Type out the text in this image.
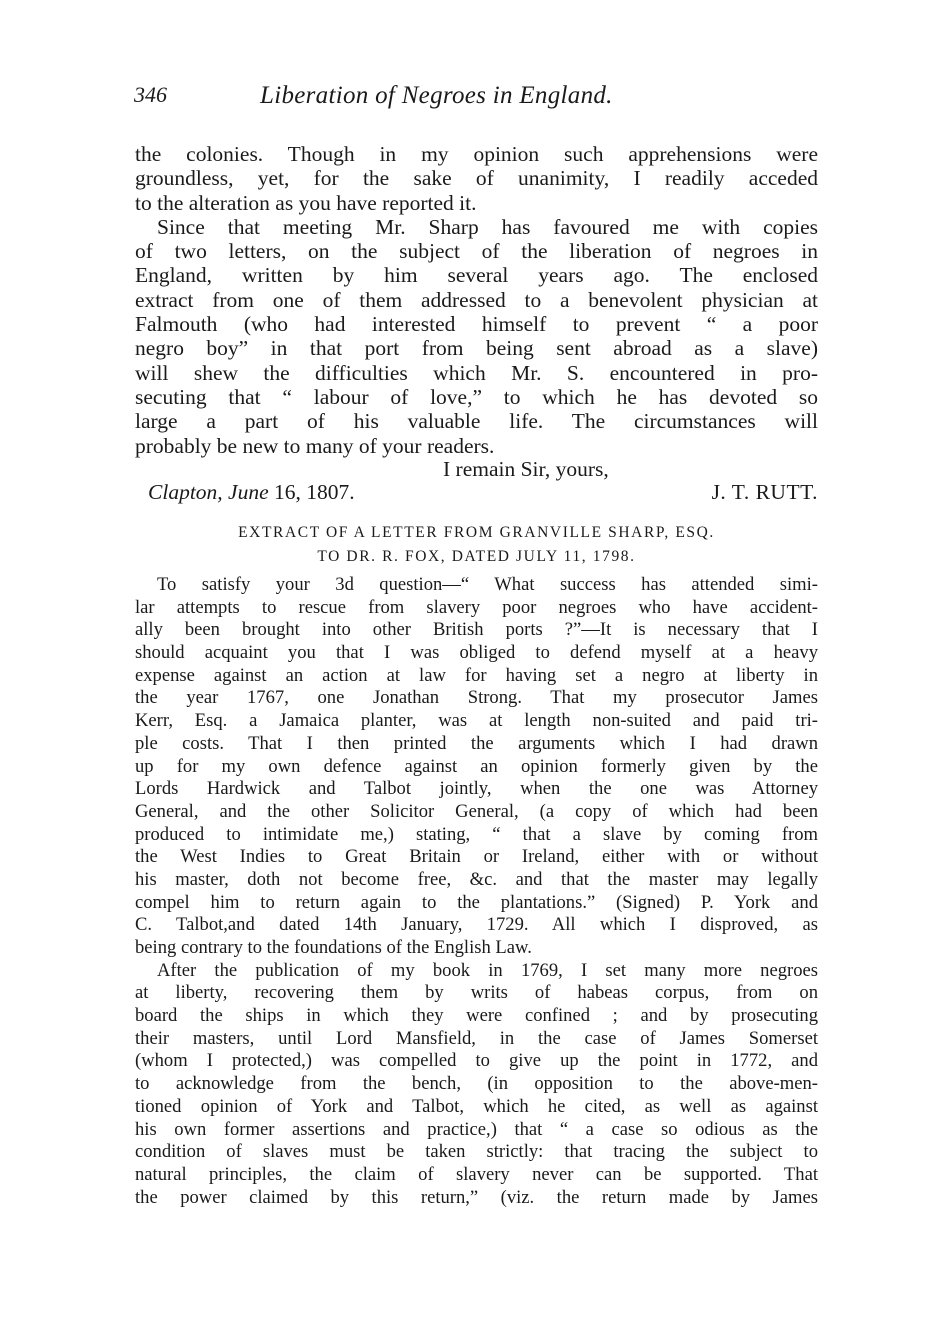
346	Liberation of Negroes in England.
the colonies. Though in my opinion such apprehensions were
groundless, yet, for the sake of unanimity, I readily acceded
to the alteration as you have reported it.
Since that meeting Mr. Sharp has favoured me with copies
of two letters, on the subject of the liberation of negroes in
England, written by him several years ago. The enclosed
extract from one of them addressed to a benevolent physician at
Falmouth (who had interested himself to prevent “ a poor
negro boy” in that port from being sent abroad as a slave)
will shew the difficulties which Mr. S. encountered in pro-
secuting that “ labour of love,” to which he has devoted so
large a part of his valuable life. The circumstances will
probably be new to many of your readers.
I remain Sir, yours,
Clapton, June 16, 1807.	J. T. RUTT.
EXTRACT OF A LETTER FROM GRANVILLE SHARP, ESQ.
TO DR. R. FOX, DATED JULY 11, 1798.
To satisfy your 3d question—“ What success has attended simi-
lar attempts to rescue from slavery poor negroes who have accident-
ally been brought into other British ports ?”—It is necessary that I
should acquaint you that I was obliged to defend myself at a heavy
expense against an action at law for having set a negro at liberty in
the year 1767, one Jonathan Strong. That my prosecutor James
Kerr, Esq. a Jamaica planter, was at length non-suited and paid tri-
ple costs. That I then printed the arguments which I had drawn
up for my own defence against an opinion formerly given by the
Lords Hardwick and Talbot jointly, when the one was Attorney
General, and the other Solicitor General, (a copy of which had been
produced to intimidate me,) stating, “ that a slave by coming from
the West Indies to Great Britain or Ireland, either with or without
his master, doth not become free, &c. and that the master may legally
compel him to return again to the plantations.” (Signed) P. York and
C. Talbot,and dated 14th January, 1729. All which I disproved, as
being contrary to the foundations of the English Law.
After the publication of my book in 1769, I set many more negroes
at liberty, recovering them by writs of habeas corpus, from on
board the ships in which they were confined ; and by prosecuting
their masters, until Lord Mansfield, in the case of James Somerset
(whom I protected,) was compelled to give up the point in 1772, and
to acknowledge from the bench, (in opposition to the above-men-
tioned opinion of York and Talbot, which he cited, as well as against
his own former assertions and practice,) that “ a case so odious as the
condition of slaves must be taken strictly: that tracing the subject to
natural principles, the claim of slavery never can be supported. That
the power claimed by this return,” (viz. the return made by James
